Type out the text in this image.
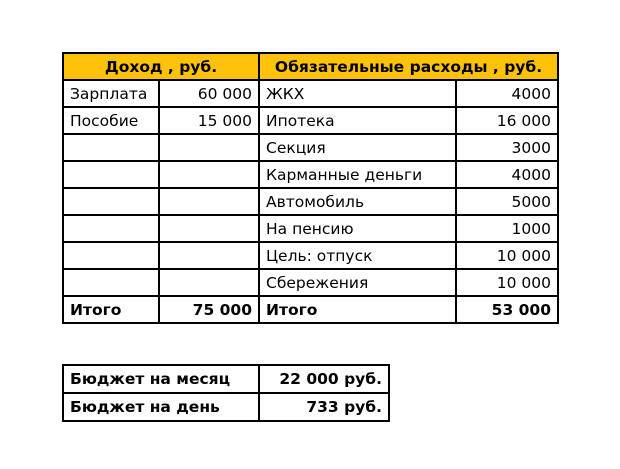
Доход , руб.		Обязательные расходы , руб.	
Зарплата	60 000	ЖКХ	4000
Пособие	15 000	Ипотека	16 000
		Секция	3000
		Карманные деньги	4000
		Автомобиль	5000
		На пенсию	1000
		Цель: отпуск	10 000
		Сбережения	10 000
Итого	75 000	Итого	53 000
Бюджет на месяц	22 000 руб.
Бюджет на день	733 руб.
